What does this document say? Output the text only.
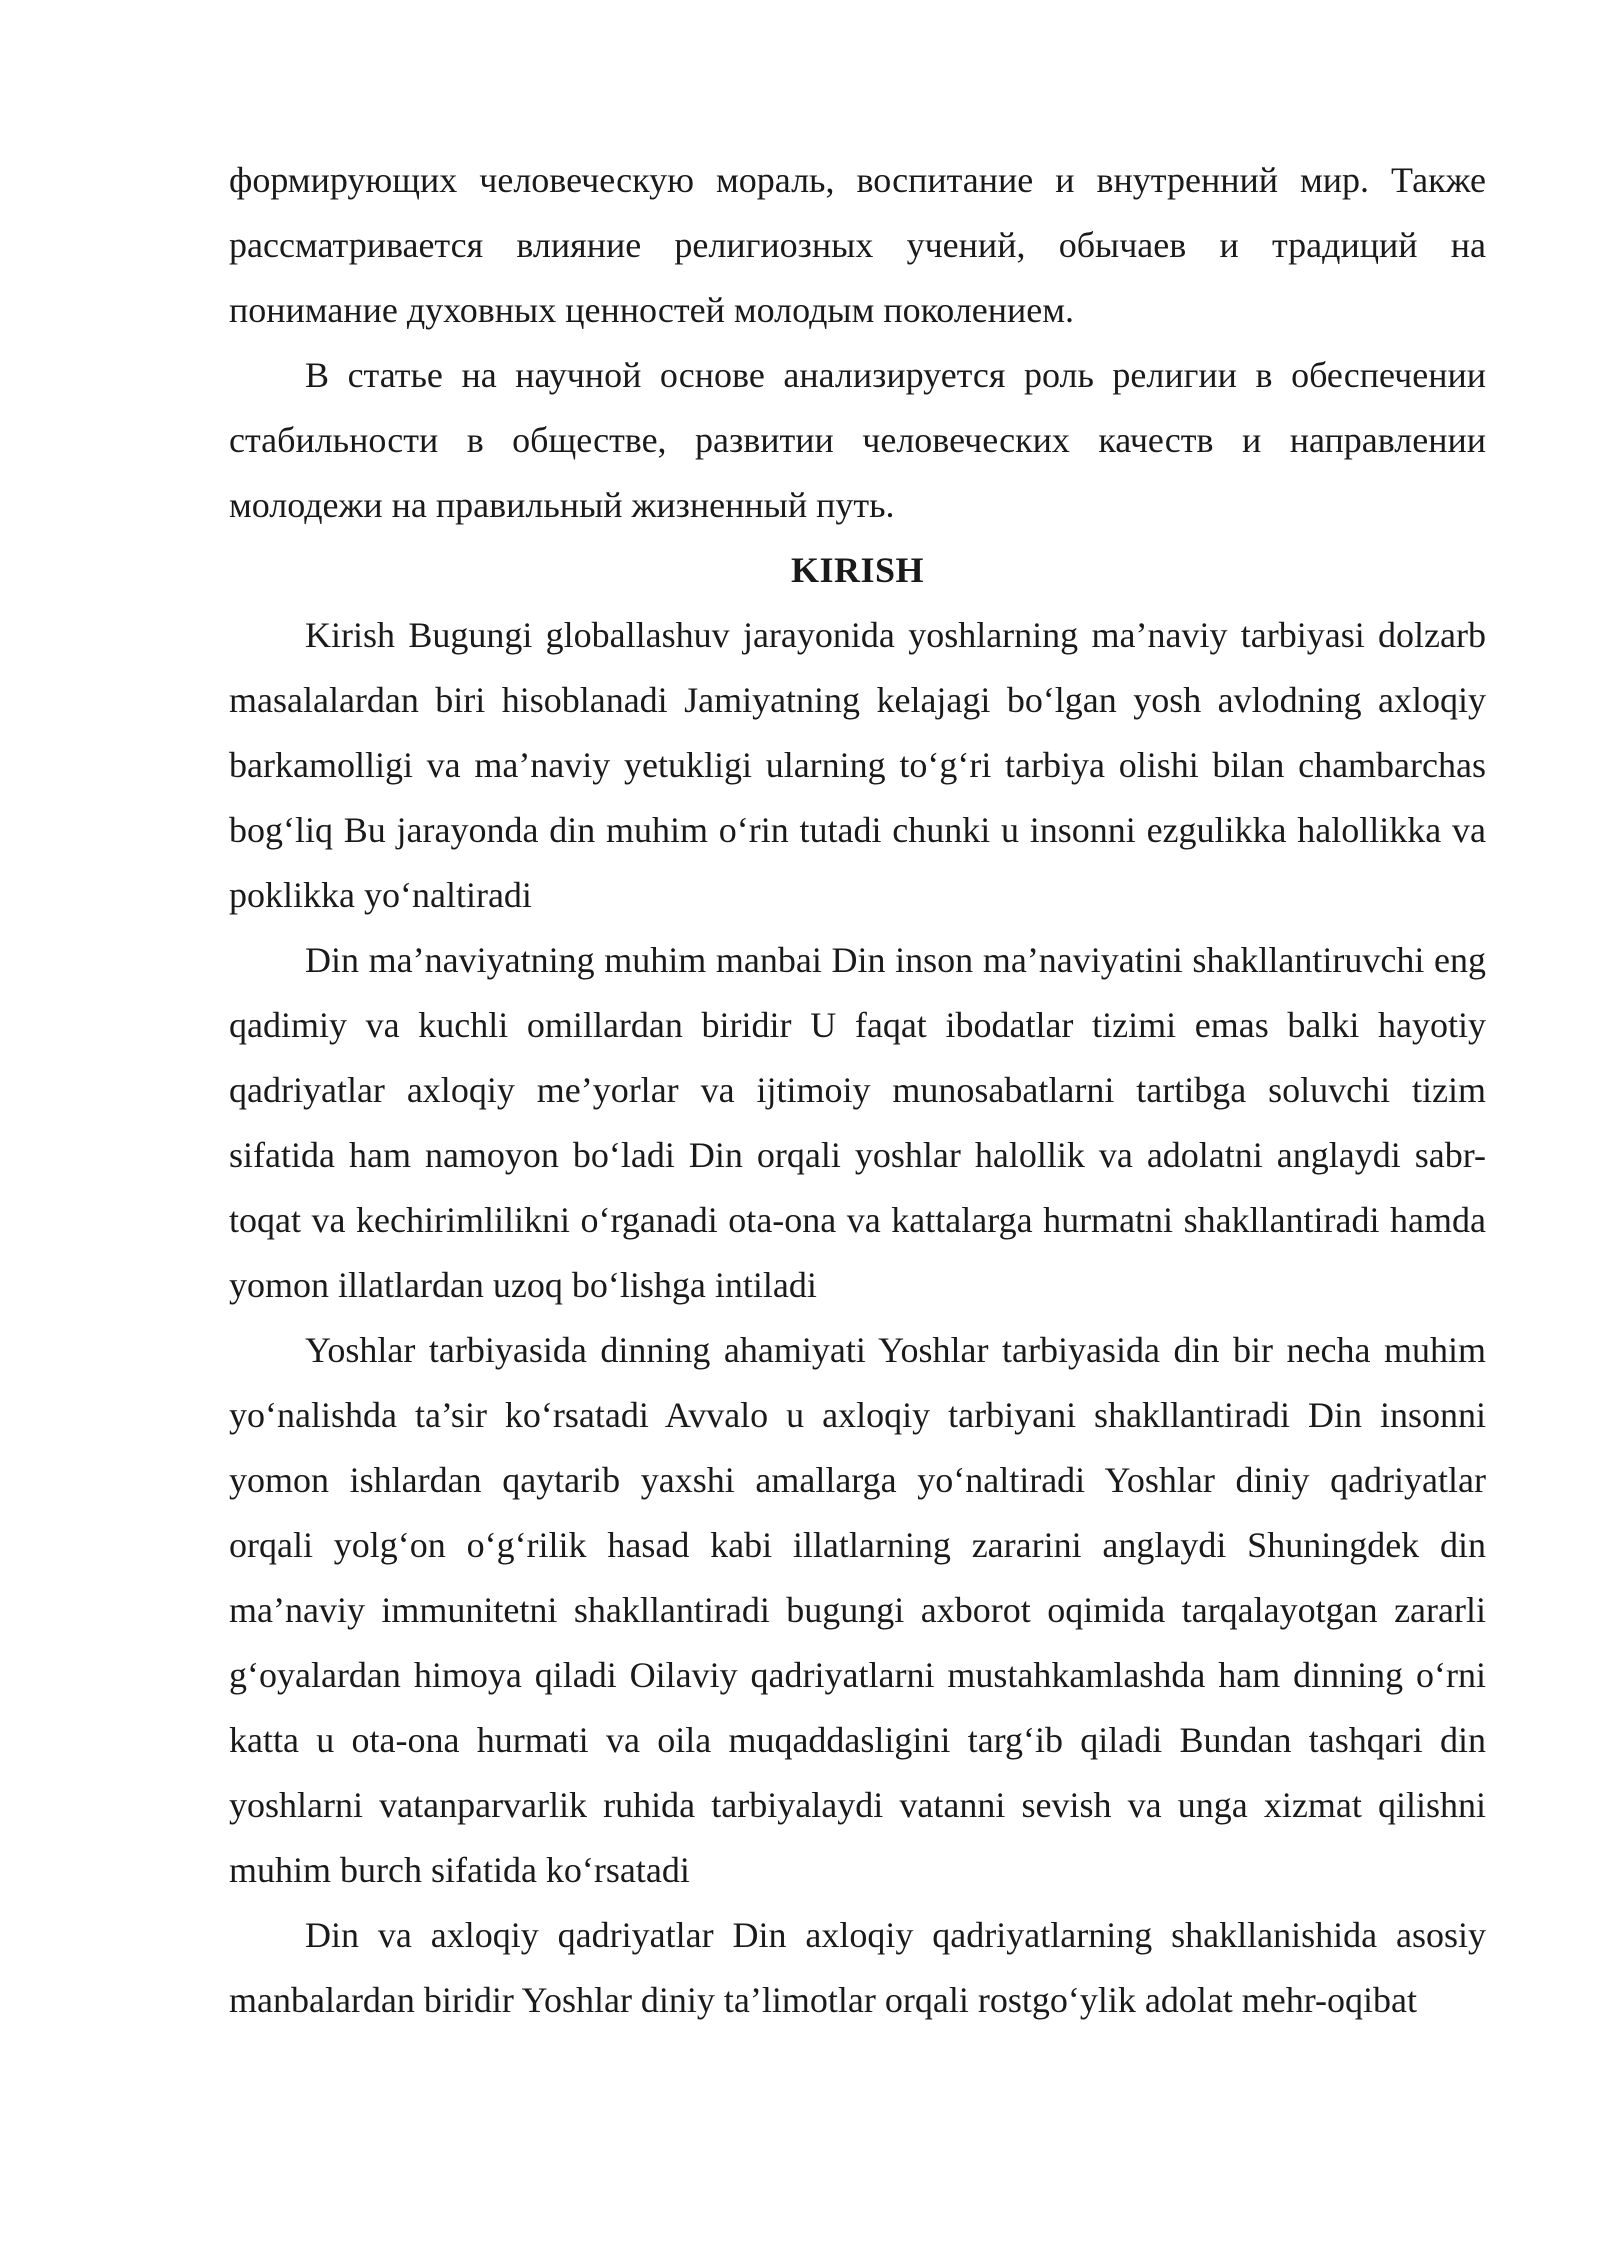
формирующих человеческую мораль, воспитание и внутренний мир. Также рассматривается влияние религиозных учений, обычаев и традиций на понимание духовных ценностей молодым поколением.

В статье на научной основе анализируется роль религии в обеспечении стабильности в обществе, развитии человеческих качеств и направлении молодежи на правильный жизненный путь.

KIRISH

Kirish Bugungi globallashuv jarayonida yoshlarning ma’naviy tarbiyasi dolzarb masalalardan biri hisoblanadi Jamiyatning kelajagi bo‘lgan yosh avlodning axloqiy barkamolligi va ma’naviy yetukligi ularning to‘g‘ri tarbiya olishi bilan chambarchas bog‘liq Bu jarayonda din muhim o‘rin tutadi chunki u insonni ezgulikka halollikka va poklikka yo‘naltiradi

Din ma’naviyatning muhim manbai Din inson ma’naviyatini shakllantiruvchi eng qadimiy va kuchli omillardan biridir U faqat ibodatlar tizimi emas balki hayotiy qadriyatlar axloqiy me’yorlar va ijtimoiy munosabatlarni tartibga soluvchi tizim sifatida ham namoyon bo‘ladi Din orqali yoshlar halollik va adolatni anglaydi sabr-toqat va kechirimlilikni o‘rganadi ota-ona va kattalarga hurmatni shakllantiradi hamda yomon illatlardan uzoq bo‘lishga intiladi

Yoshlar tarbiyasida dinning ahamiyati Yoshlar tarbiyasida din bir necha muhim yo‘nalishda ta’sir ko‘rsatadi Avvalo u axloqiy tarbiyani shakllantiradi Din insonni yomon ishlardan qaytarib yaxshi amallarga yo‘naltiradi Yoshlar diniy qadriyatlar orqali yolg‘on o‘g‘rilik hasad kabi illatlarning zararini anglaydi Shuningdek din ma’naviy immunitetni shakllantiradi bugungi axborot oqimida tarqalayotgan zararli g‘oyalardan himoya qiladi Oilaviy qadriyatlarni mustahkamlashda ham dinning o‘rni katta u ota-ona hurmati va oila muqaddasligini targ‘ib qiladi Bundan tashqari din yoshlarni vatanparvarlik ruhida tarbiyalaydi vatanni sevish va unga xizmat qilishni muhim burch sifatida ko‘rsatadi

Din va axloqiy qadriyatlar Din axloqiy qadriyatlarning shakllanishida asosiy manbalardan biridir Yoshlar diniy ta’limotlar orqali rostgo‘ylik adolat mehr-oqibat
